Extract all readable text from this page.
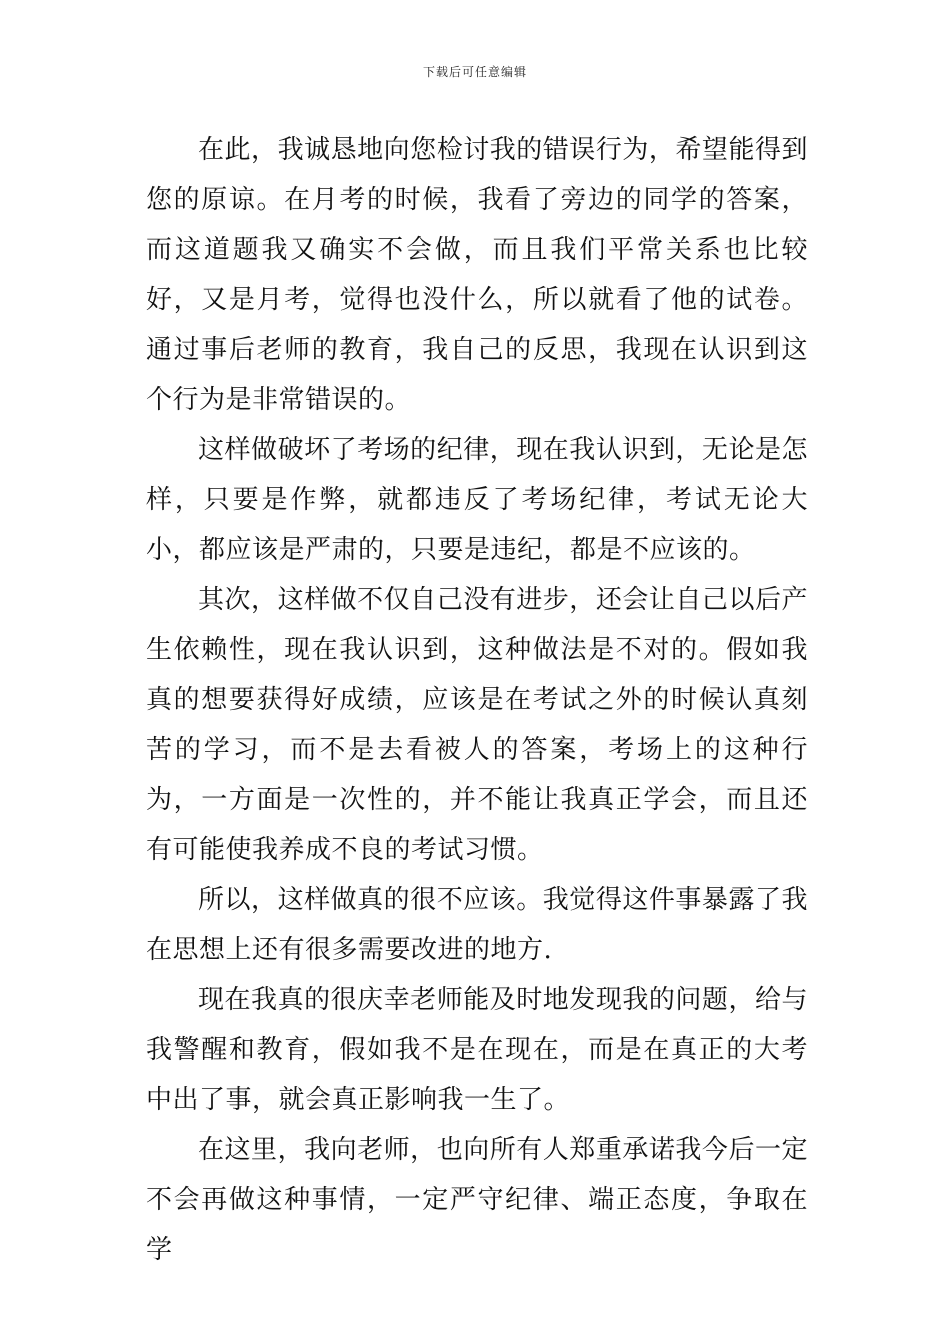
下载后可任意编辑

在此，我诚恳地向您检讨我的错误行为，希望能得到您的原谅。在月考的时候，我看了旁边的同学的答案，而这道题我又确实不会做，而且我们平常关系也比较好，又是月考，觉得也没什么，所以就看了他的试卷。通过事后老师的教育，我自己的反思，我现在认识到这个行为是非常错误的。

这样做破坏了考场的纪律，现在我认识到，无论是怎样，只要是作弊，就都违反了考场纪律，考试无论大小，都应该是严肃的，只要是违纪，都是不应该的。

其次，这样做不仅自己没有进步，还会让自己以后产生依赖性，现在我认识到，这种做法是不对的。假如我真的想要获得好成绩，应该是在考试之外的时候认真刻苦的学习，而不是去看被人的答案，考场上的这种行为，一方面是一次性的，并不能让我真正学会，而且还有可能使我养成不良的考试习惯。

所以，这样做真的很不应该。我觉得这件事暴露了我在思想上还有很多需要改进的地方.

现在我真的很庆幸老师能及时地发现我的问题，给与我警醒和教育，假如我不是在现在，而是在真正的大考中出了事，就会真正影响我一生了。

在这里，我向老师，也向所有人郑重承诺我今后一定不会再做这种事情，一定严守纪律、端正态度，争取在学
